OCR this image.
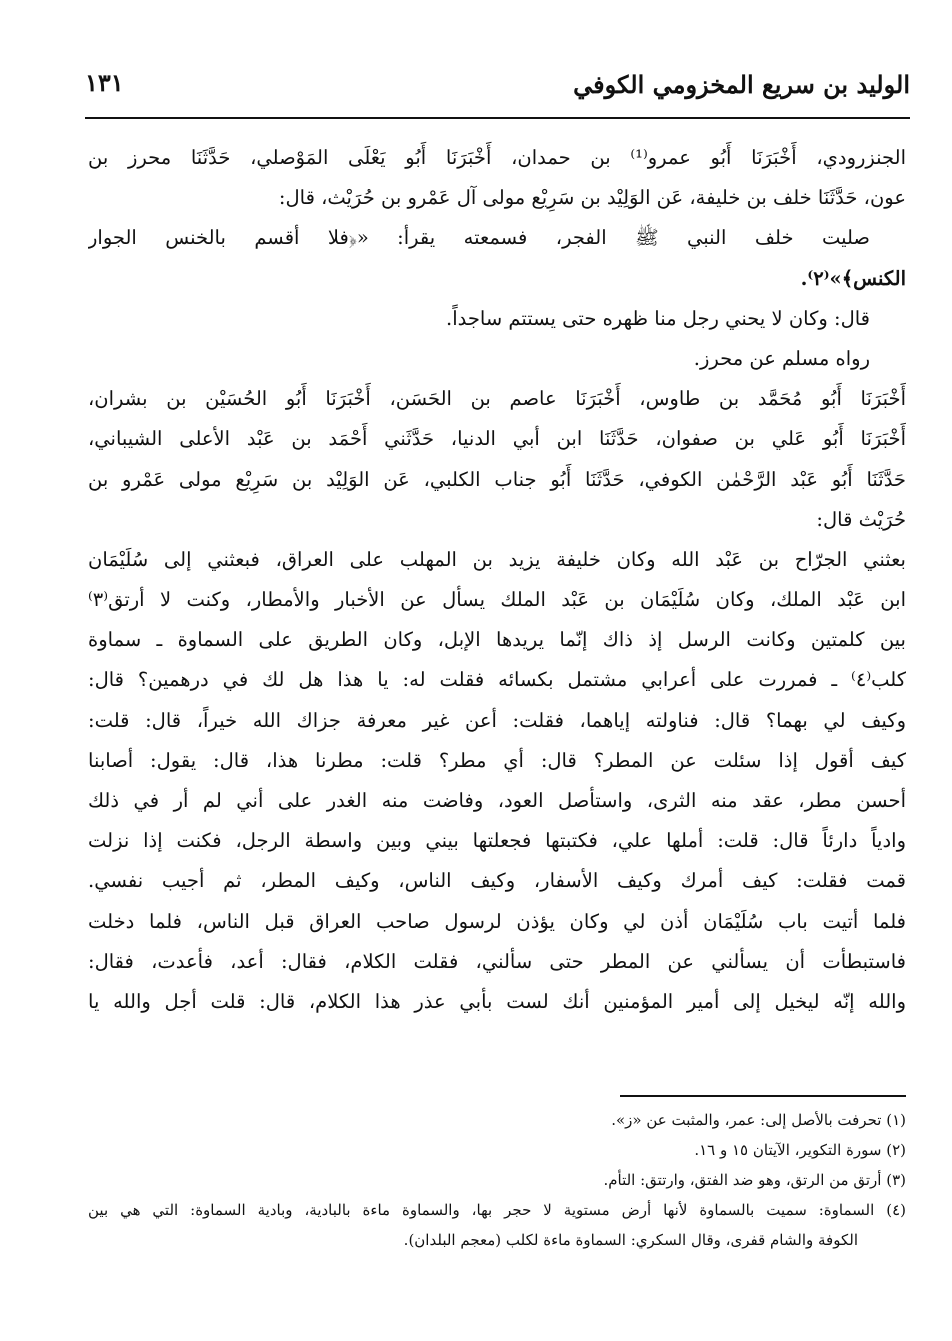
الوليد بن سريع المخزومي الكوفي
١٣١
الجنزرودي، أَخْبَرَنَا أَبُو عمرو⁽¹⁾ بن حمدان، أَخْبَرَنَا أَبُو يَعْلَى المَوْصلي، حَدَّثَنَا محرز بن
عون، حَدَّثَنَا خلف بن خليفة، عَن الوَلِيْد بن سَرِيْع مولى آل عَمْرو بن حُرَيْث، قال:
صليت خلف النبي ﷺ الفجر، فسمعته يقرأ: «﴿فلا أقسم بالخنس الجوار
الكنس﴾»⁽٢⁾.
قال: وكان لا يحني رجل منا ظهره حتى يستتم ساجداً.
رواه مسلم عن محرز.
أَخْبَرَنَا أَبُو مُحَمَّد بن طاوس، أَخْبَرَنَا عاصم بن الحَسَن، أَخْبَرَنَا أَبُو الحُسَيْن بن بشران،
أَخْبَرَنَا أَبُو عَلي بن صفوان، حَدَّثَنَا ابن أبي الدنيا، حَدَّثَني أَحْمَد بن عَبْد الأعلى الشيباني،
حَدَّثَنَا أَبُو عَبْد الرَّحْمٰن الكوفي، حَدَّثَنَا أَبُو جناب الكلبي، عَن الوَلِيْد بن سَرِيْع مولى عَمْرو بن
حُرَيْث قال:
بعثني الجرّاح بن عَبْد الله وكان خليفة يزيد بن المهلب على العراق، فبعثني إلى سُلَيْمَان
ابن عَبْد الملك، وكان سُلَيْمَان بن عَبْد الملك يسأل عن الأخبار والأمطار، وكنت لا أرتق⁽٣⁾
بين كلمتين وكانت الرسل إذ ذاك إنّما يريدها الإبل، وكان الطريق على السماوة ـ سماوة
كلب⁽٤⁾ ـ فمررت على أعرابي مشتمل بكسائه فقلت له: يا هذا هل لك في درهمين؟ قال:
وكيف لي بهما؟ قال: فناولته إياهما، فقلت: أعن غير معرفة جزاك الله خيراً، قال: قلت:
كيف أقول إذا سئلت عن المطر؟ قال: أي مطر؟ قلت: مطرنا هذا، قال: يقول: أصابنا
أحسن مطر، عقد منه الثرى، واستأصل العود، وفاضت منه الغدر على أني لم أر في ذلك
وادياً دارئاً قال: قلت: أملها علي، فكتبتها فجعلتها بيني وبين واسطة الرجل، فكنت إذا نزلت
قمت فقلت: كيف أمرك وكيف الأسفار، وكيف الناس، وكيف المطر، ثم أجيب نفسي.
فلما أتيت باب سُلَيْمَان أذن لي وكان يؤذن لرسول صاحب العراق قبل الناس، فلما دخلت
فاستبطأت أن يسألني عن المطر حتى سألني، فقلت الكلام، فقال: أعد، فأعدت، فقال:
والله إنّه ليخيل إلى أمير المؤمنين أنك لست بأبي عذر هذا الكلام، قال: قلت أجل والله يا
(١) تحرفت بالأصل إلى: عمر، والمثبت عن «ز».
(٢) سورة التكوير، الآيتان ١٥ و ١٦.
(٣) أرتق من الرتق، وهو ضد الفتق، وارتتق: التأم.
(٤) السماوة: سميت بالسماوة لأنها أرض مستوية لا حجر بها، والسماوة ماءة بالبادية، وبادية السماوة: التي هي بين
الكوفة والشام قفرى، وقال السكري: السماوة ماءة لكلب (معجم البلدان).
